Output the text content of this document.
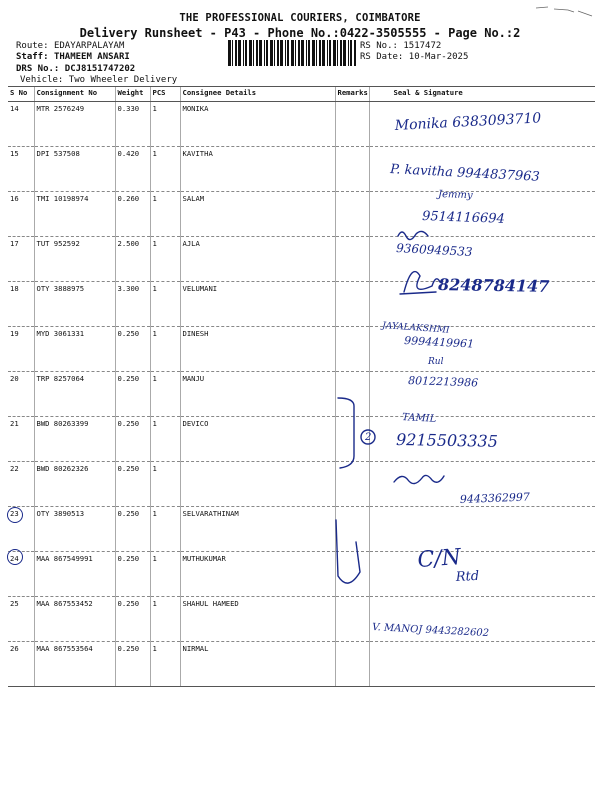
THE PROFESSIONAL COURIERS, COIMBATORE
Delivery Runsheet - P43 - Phone No.:0422-3505555 - Page No.:2
Route: EDAYARPALAYAM
Staff: THAMEEM ANSARI
DRS No.: DCJ8151747202
Vehicle: Two Wheeler Delivery
RS No.: 1517472
RS Date: 10-Mar-2025
S No	Consignment No	Weight	PCS	Consignee Details	Remarks	Seal & Signature
14	MTR 2576249	0.330	1	MONIKA		
15	DPI 537508	0.420	1	KAVITHA		
16	TMI 10198974	0.260	1	SALAM		
17	TUT 952592	2.500	1	AJLA		
18	OTY 3888975	3.300	1	VELUMANI		
19	MYD 3061331	0.250	1	DINESH		
20	TRP 8257064	0.250	1	MANJU		
21	BWD 80263399	0.250	1	DEVICO		
22	BWD 80262326	0.250	1			
23	OTY 3890513	0.250	1	SELVARATHINAM		
24	MAA 867549991	0.250	1	MUTHUKUMAR		
25	MAA 867553452	0.250	1	SHAHUL HAMEED		
26	MAA 867553564	0.250	1	NIRMAL		
Monika 6383093710
P. kavitha 9944837963
Jemmy
9514116694
9360949533
8248784147
JAYALAKSHMI
9994419961
Rul
8012213986
TAMIL
9215503335
2
9443362997
C/N
Rtd
V. MANOJ 9443282602
